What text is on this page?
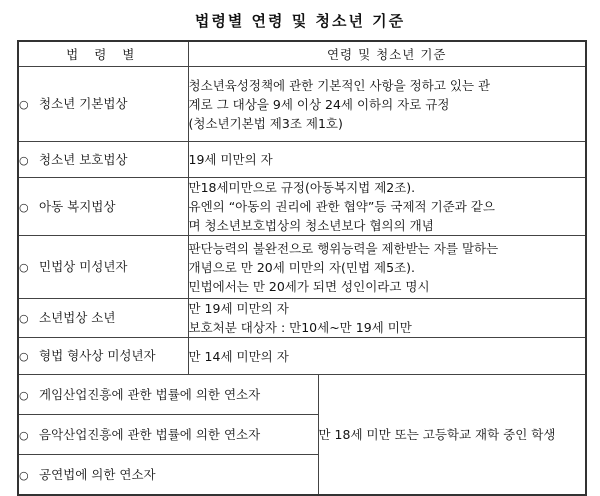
법령별 연령 및 청소년 기준
법 령 별	연령 및 청소년 기준	
○ 청소년 기본법상	청소년육성정책에 관한 기본적인 사항을 정하고 있는 관
계로 그 대상을 9세 이상 24세 이하의 자로 규정
(청소년기본법 제3조 제1호)	

○ 청소년 보호법상	19세 미만의 자	

○ 아동 복지법상	만18세미만으로 규정(아동복지법 제2조).
유엔의 “아동의 권리에 관한 협약”등 국제적 기준과 같으
며 청소년보호법상의 청소년보다 협의의 개념	

○ 민법상 미성년자	판단능력의 불완전으로 행위능력을 제한받는 자를 말하는
개념으로 만 20세 미만의 자(민법 제5조).
민법에서는 만 20세가 되면 성인이라고 명시	

○ 소년법상 소년	만 19세 미만의 자
보호처분 대상자 : 만10세~만 19세 미만	

○ 형법 형사상 미성년자	만 14세 미만의 자	

○ 게임산업진흥에 관한 법률에 의한 연소자		만 18세 미만 또는 고등학교 재학 중인 학생
○ 음악산업진흥에 관한 법률에 의한 연소자		
○ 공연법에 의한 연소자		
